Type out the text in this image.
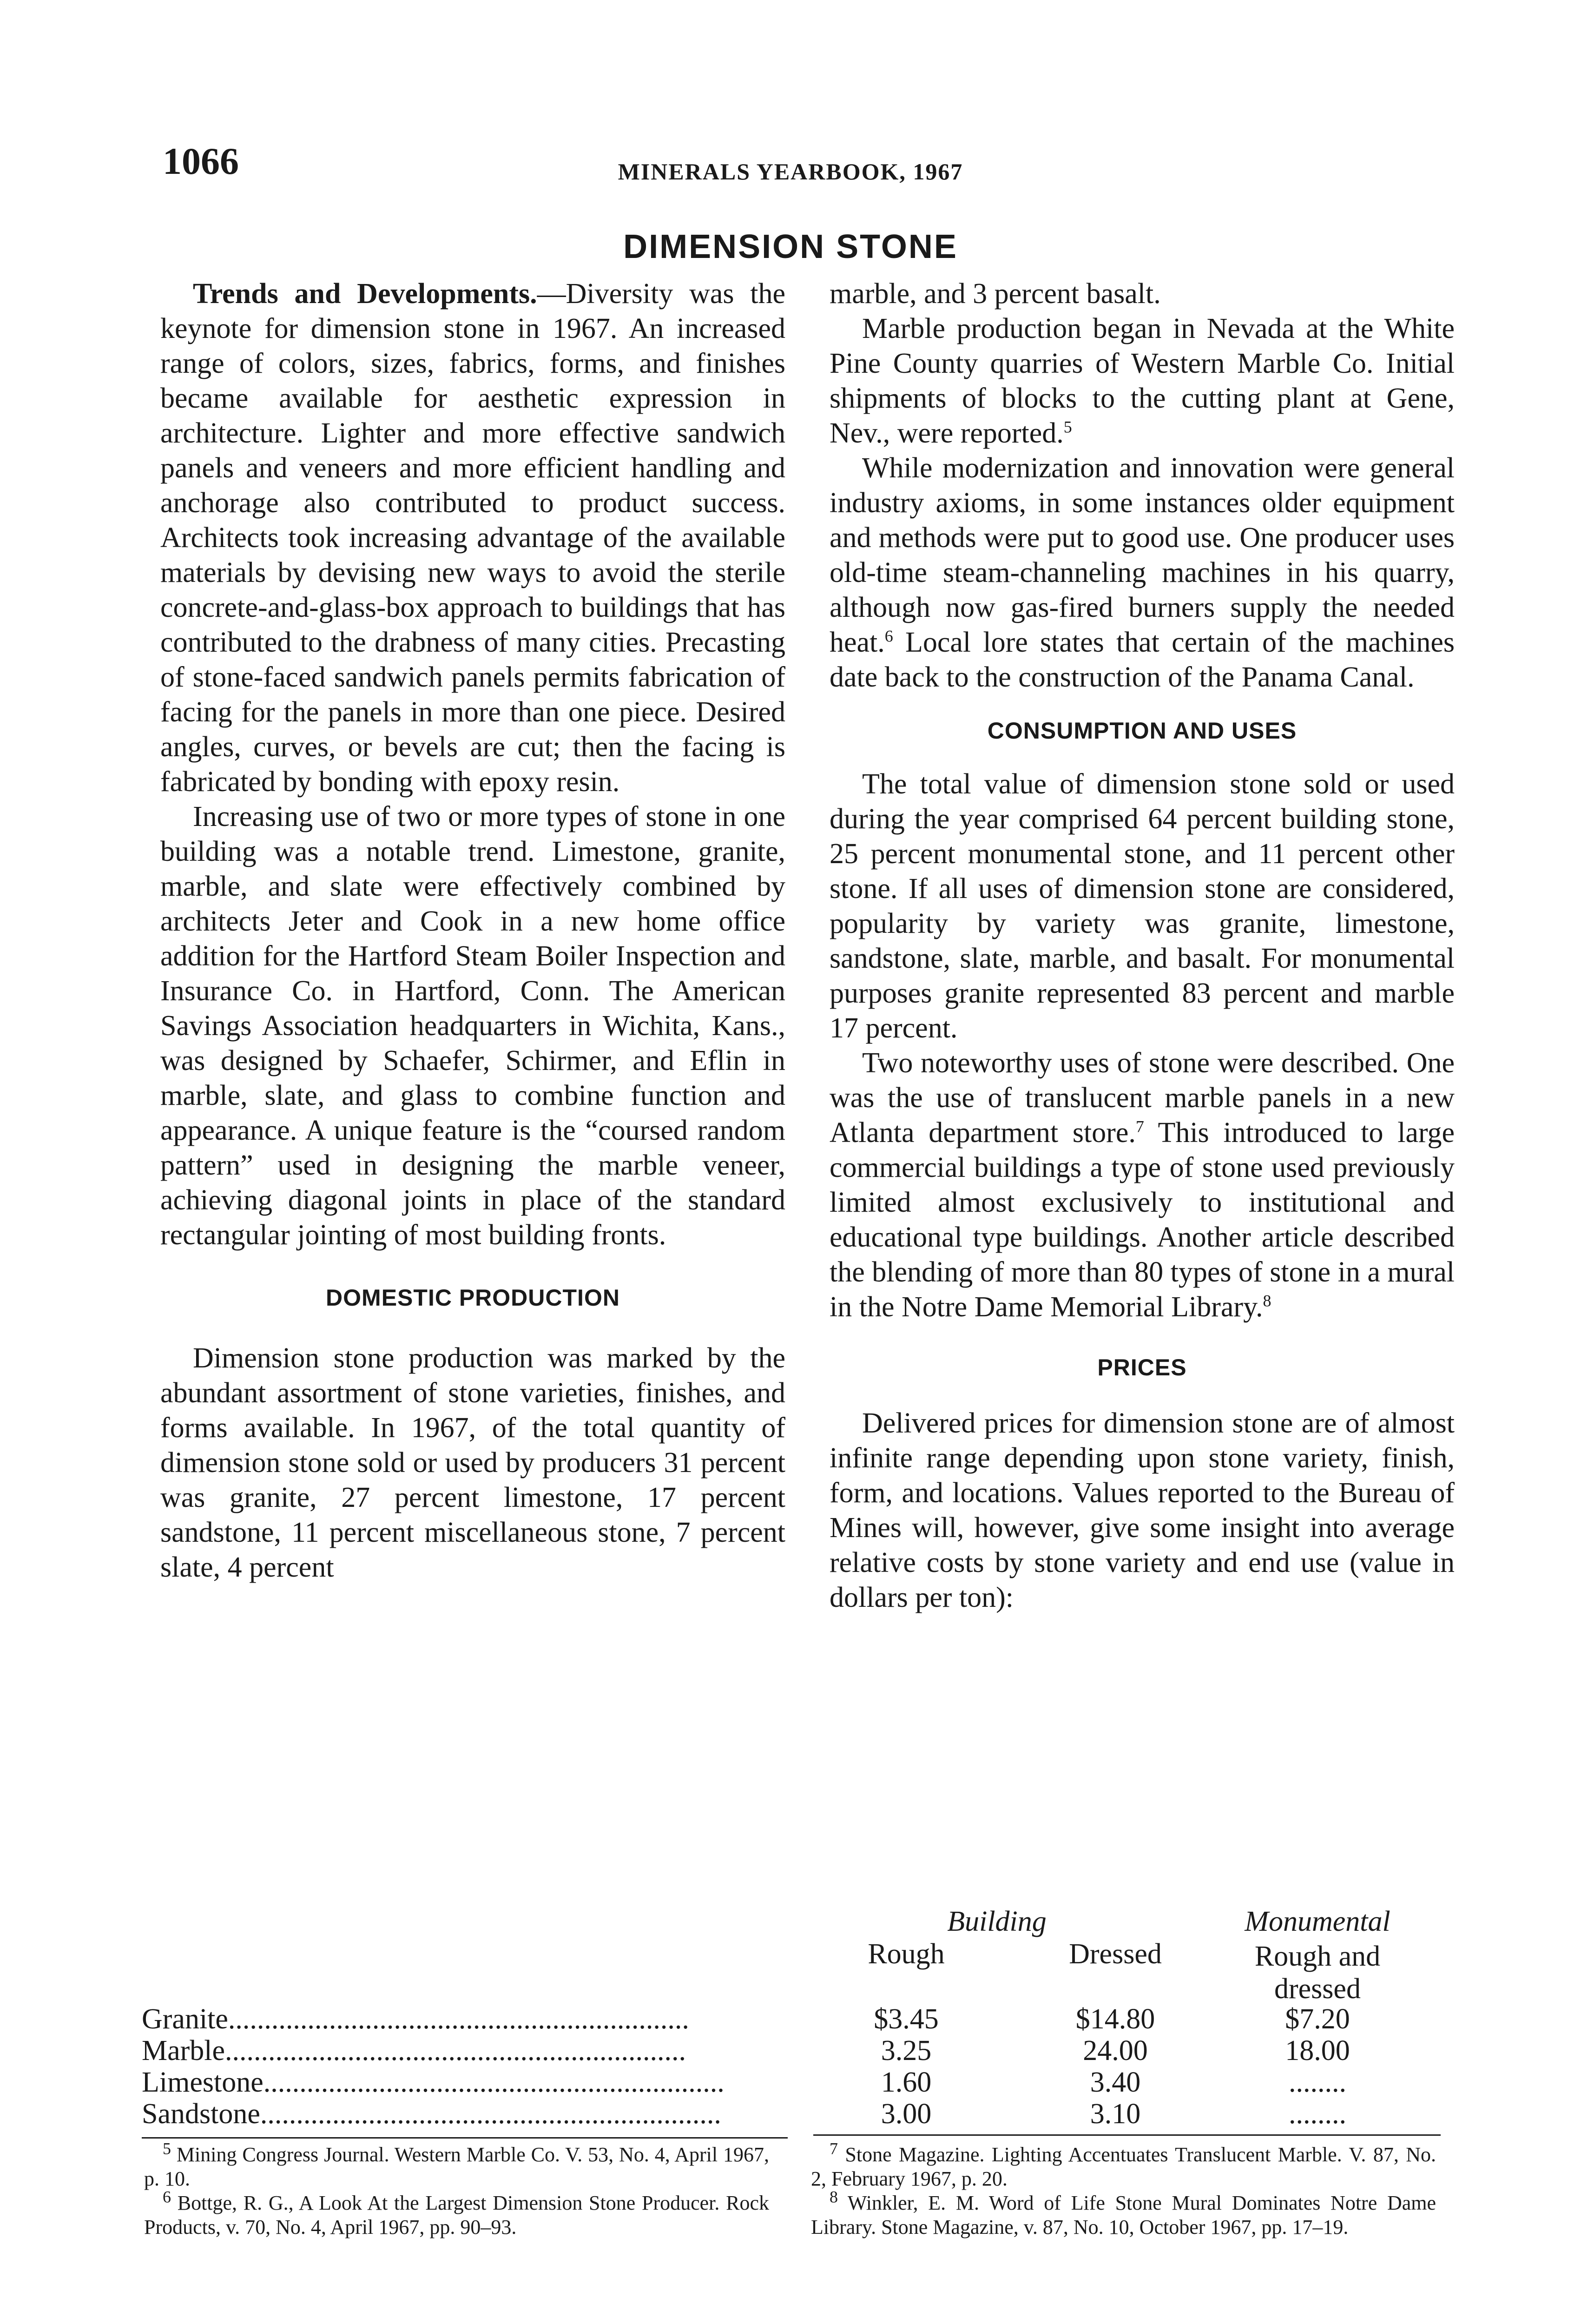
1066	MINERALS YEARBOOK, 1967
DIMENSION STONE

Trends and Developments.—Diversity was the keynote for dimension stone in 1967. An increased range of colors, sizes, fabrics, forms, and finishes became available for aesthetic expression in architecture. Lighter and more effective sandwich panels and veneers and more efficient handling and anchorage also contributed to product success. Architects took increasing advantage of the available materials by devising new ways to avoid the sterile concrete-and-glass-box approach to buildings that has contributed to the drabness of many cities. Precasting of stone-faced sandwich panels permits fabrication of facing for the panels in more than one piece. Desired angles, curves, or bevels are cut; then the facing is fabricated by bonding with epoxy resin.

Increasing use of two or more types of stone in one building was a notable trend. Limestone, granite, marble, and slate were effectively combined by architects Jeter and Cook in a new home office addition for the Hartford Steam Boiler Inspection and Insurance Co. in Hartford, Conn. The American Savings Association headquarters in Wichita, Kans., was designed by Schaefer, Schirmer, and Eflin in marble, slate, and glass to combine function and appearance. A unique feature is the “coursed random pattern” used in designing the marble veneer, achieving diagonal joints in place of the standard rectangular jointing of most building fronts.

DOMESTIC PRODUCTION

Dimension stone production was marked by the abundant assortment of stone varieties, finishes, and forms available. In 1967, of the total quantity of dimension stone sold or used by producers 31 percent was granite, 27 percent limestone, 17 percent sandstone, 11 percent miscellaneous stone, 7 percent slate, 4 percent

marble, and 3 percent basalt.

Marble production began in Nevada at the White Pine County quarries of Western Marble Co. Initial shipments of blocks to the cutting plant at Gene, Nev., were reported.$^5$

While modernization and innovation were general industry axioms, in some instances older equipment and methods were put to good use. One producer uses old-time steam-channeling machines in his quarry, although now gas-fired burners supply the needed heat.$^6$ Local lore states that certain of the machines date back to the construction of the Panama Canal.

CONSUMPTION AND USES

The total value of dimension stone sold or used during the year comprised 64 percent building stone, 25 percent monumental stone, and 11 percent other stone. If all uses of dimension stone are considered, popularity by variety was granite, limestone, sandstone, slate, marble, and basalt. For monumental purposes granite represented 83 percent and marble 17 percent.

Two noteworthy uses of stone were described. One was the use of translucent marble panels in a new Atlanta department store.$^7$ This introduced to large commercial buildings a type of stone used previously limited almost exclusively to institutional and educational type buildings. Another article described the blending of more than 80 types of stone in a mural in the Notre Dame Memorial Library.$^8$

PRICES

Delivered prices for dimension stone are of almost infinite range depending upon stone variety, finish, form, and locations. Values reported to the Bureau of Mines will, however, give some insight into average relative costs by stone variety and end use (value in dollars per ton):

Building	Monumental
Rough	Dressed	Rough and
dressed
Granite................................................................	$3.45	$14.80	$7.20
Marble................................................................	3.25	24.00	18.00
Limestone................................................................	1.60	3.40	........
Sandstone................................................................	3.00	3.10	........

$^5$ Mining Congress Journal. Western Marble Co. V. 53, No. 4, April 1967, p. 10.

$^6$ Bottge, R. G., A Look At the Largest Dimension Stone Producer. Rock Products, v. 70, No. 4, April 1967, pp. 90–93.

$^7$ Stone Magazine. Lighting Accentuates Translucent Marble. V. 87, No. 2, February 1967, p. 20.

$^8$ Winkler, E. M. Word of Life Stone Mural Dominates Notre Dame Library. Stone Magazine, v. 87, No. 10, October 1967, pp. 17–19.
